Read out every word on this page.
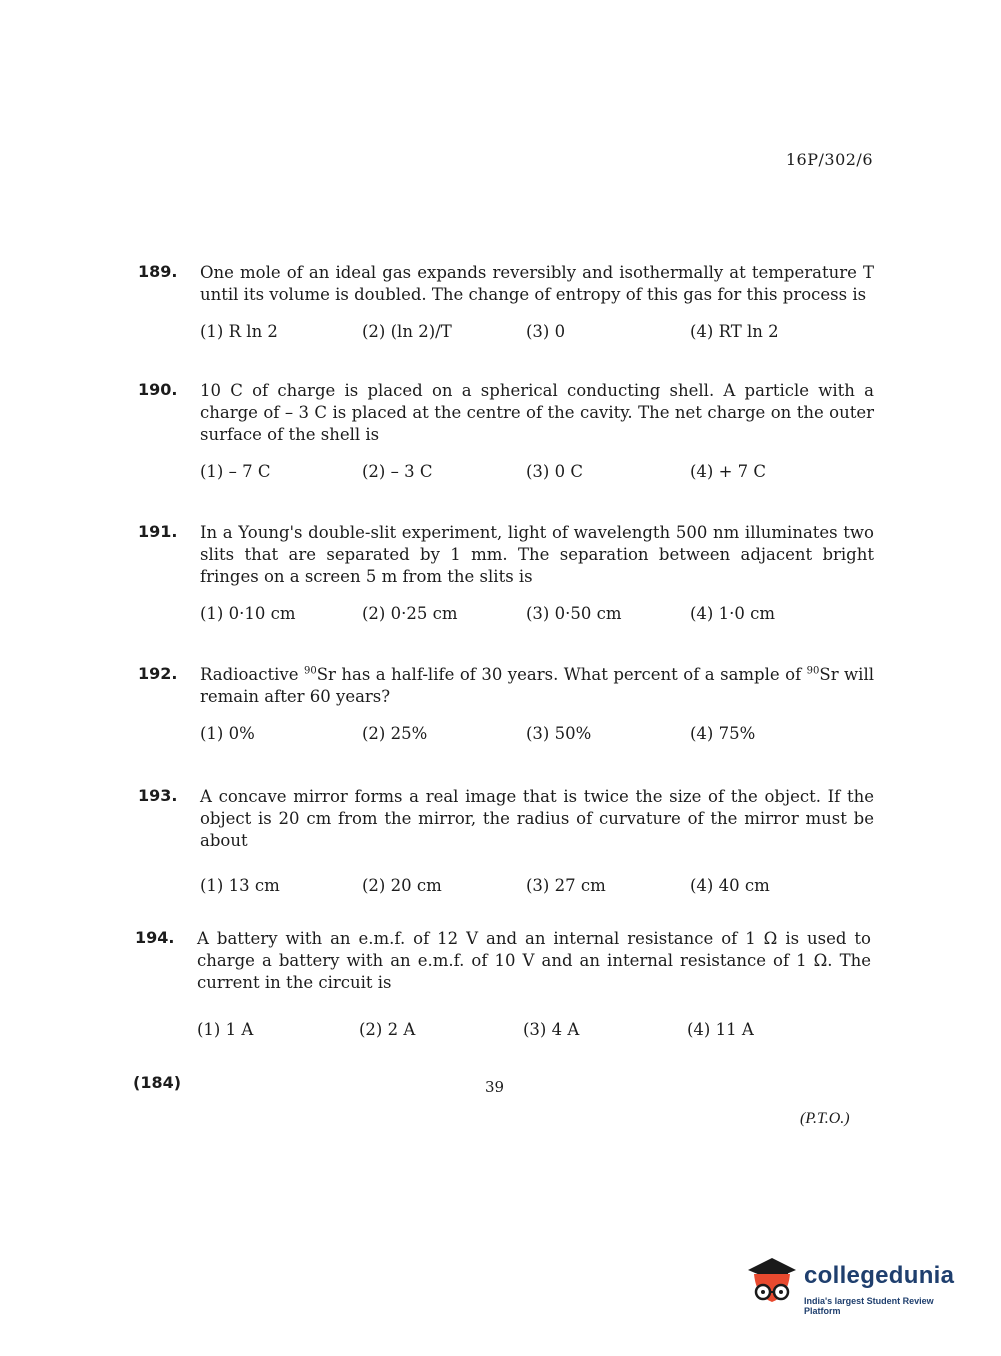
16P/302/6
189. One mole of an ideal gas expands reversibly and isothermally at temperature T until its volume is doubled. The change of entropy of this gas for this process is
(1) R ln 2	(2) (ln 2)/T	(3) 0	(4) RT ln 2
190. 10 C of charge is placed on a spherical conducting shell. A particle with a charge of – 3 C is placed at the centre of the cavity. The net charge on the outer surface of the shell is
(1) – 7 C	(2) – 3 C	(3) 0 C	(4) + 7 C
191. In a Young's double-slit experiment, light of wavelength 500 nm illuminates two slits that are separated by 1 mm. The separation between adjacent bright fringes on a screen 5 m from the slits is
(1) 0·10 cm	(2) 0·25 cm	(3) 0·50 cm	(4) 1·0 cm
192. Radioactive $^{90}$Sr has a half-life of 30 years. What percent of a sample of $^{90}$Sr will remain after 60 years?
(1) 0%	(2) 25%	(3) 50%	(4) 75%
193. A concave mirror forms a real image that is twice the size of the object. If the object is 20 cm from the mirror, the radius of curvature of the mirror must be about
(1) 13 cm	(2) 20 cm	(3) 27 cm	(4) 40 cm
194. A battery with an e.m.f. of 12 V and an internal resistance of 1 Ω is used to charge a battery with an e.m.f. of 10 V and an internal resistance of 1 Ω. The current in the circuit is
(1) 1 A	(2) 2 A	(3) 4 A	(4) 11 A
(184)	39
(P.T.O.)
collegedunia
India's largest Student Review Platform
